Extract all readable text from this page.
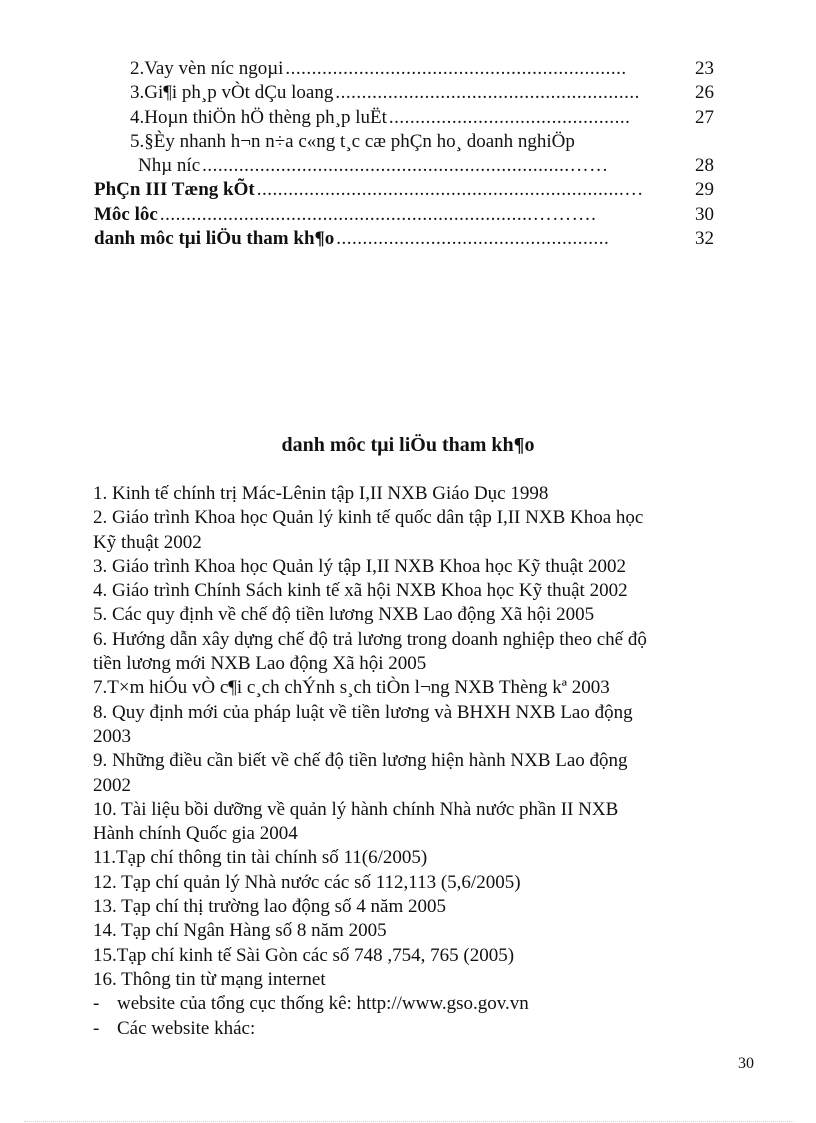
2.Vay vèn níc ngoµi .................................................................	23
3.Gi¶i ph¸p vÒt dÇu loang ..........................................................	26
4.Hoµn thiÖn hÖ thèng ph¸p luËt ..............................................	27
5.§Èy nhanh h¬n n÷a c«ng t¸c cæ phÇn ho¸ doanh nghiÖp
Nhµ níc ......................................................................……	28
PhÇn III Tæng kÕt ......................................................................…	29
Môc lôc .......................................................................……….	30
danh môc tµi liÖu tham kh¶o ....................................................	32
danh môc tµi liÖu tham kh¶o
1. Kinh tế chính trị Mác-Lênin tập I,II NXB Giáo Dục 1998
2. Giáo trình Khoa học Quản lý kinh tế quốc dân tập I,II NXB Khoa học
Kỹ thuật 2002
3. Giáo trình Khoa học Quản lý tập I,II NXB Khoa học Kỹ thuật 2002
4. Giáo trình Chính Sách kinh tế xã hội NXB Khoa học Kỹ thuật 2002
5. Các quy định về chế độ tiền lương NXB Lao động Xã hội 2005
6. Hướng dẫn xây dựng chế độ trả lương trong doanh nghiệp theo chế độ
tiền lương mới NXB Lao động Xã hội 2005
7.T×m hiÓu vÒ c¶i c¸ch chÝnh s¸ch tiÒn l¬ng NXB Thèng kª 2003
8. Quy định mới của pháp luật về tiền lương và BHXH NXB Lao động
2003
9. Những điều cần biết về chế độ tiền lương hiện hành NXB Lao động
2002
10. Tài liệu bồi dưỡng về quản lý hành chính Nhà nước phần II NXB
Hành chính Quốc gia 2004
11.Tạp chí thông tin tài chính số 11(6/2005)
12. Tạp chí quản lý Nhà nước các số 112,113 (5,6/2005)
13. Tạp chí thị trường lao động số 4 năm 2005
14. Tạp chí Ngân Hàng số 8 năm 2005
15.Tạp chí kinh tế Sài Gòn các số 748 ,754, 765 (2005)
16. Thông tin từ mạng internet
- website của tổng cục thống kê: http://www.gso.gov.vn
- Các website khác:
30
